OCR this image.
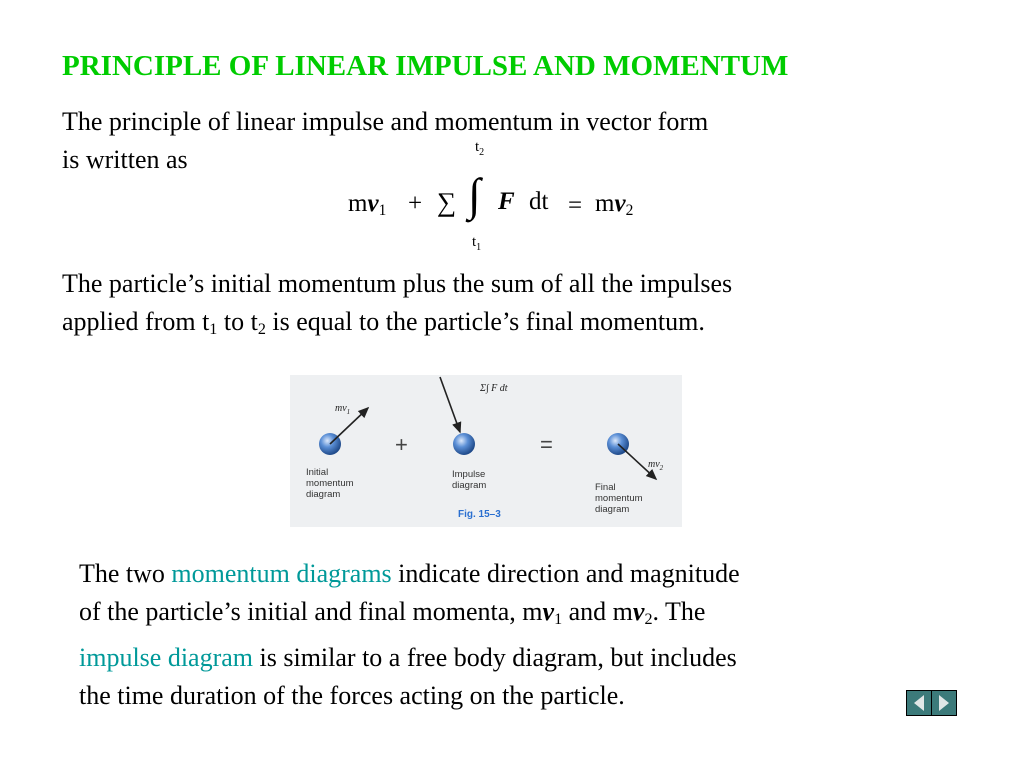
PRINCIPLE OF LINEAR IMPULSE AND MOMENTUM
The principle of linear impulse and momentum in vector form
is written as	$t_2$
$t_1$
$mv_1$ + ∑ ∫ F dt = $mv_2$
The particle’s initial momentum plus the sum of all the impulses
applied from $t_1$ to $t_2$ is equal to the particle’s final momentum.
$mv_1$
Σ∫ F dt
$mv_2$
+	=
Initial
momentum
diagram
Impulse
diagram	Final
momentum
diagram
Fig. 15–3
The two momentum diagrams indicate direction and magnitude
of the particle’s initial and final momenta, $mv_1$ and $mv_2$. The
impulse diagram is similar to a free body diagram, but includes
the time duration of the forces acting on the particle.
